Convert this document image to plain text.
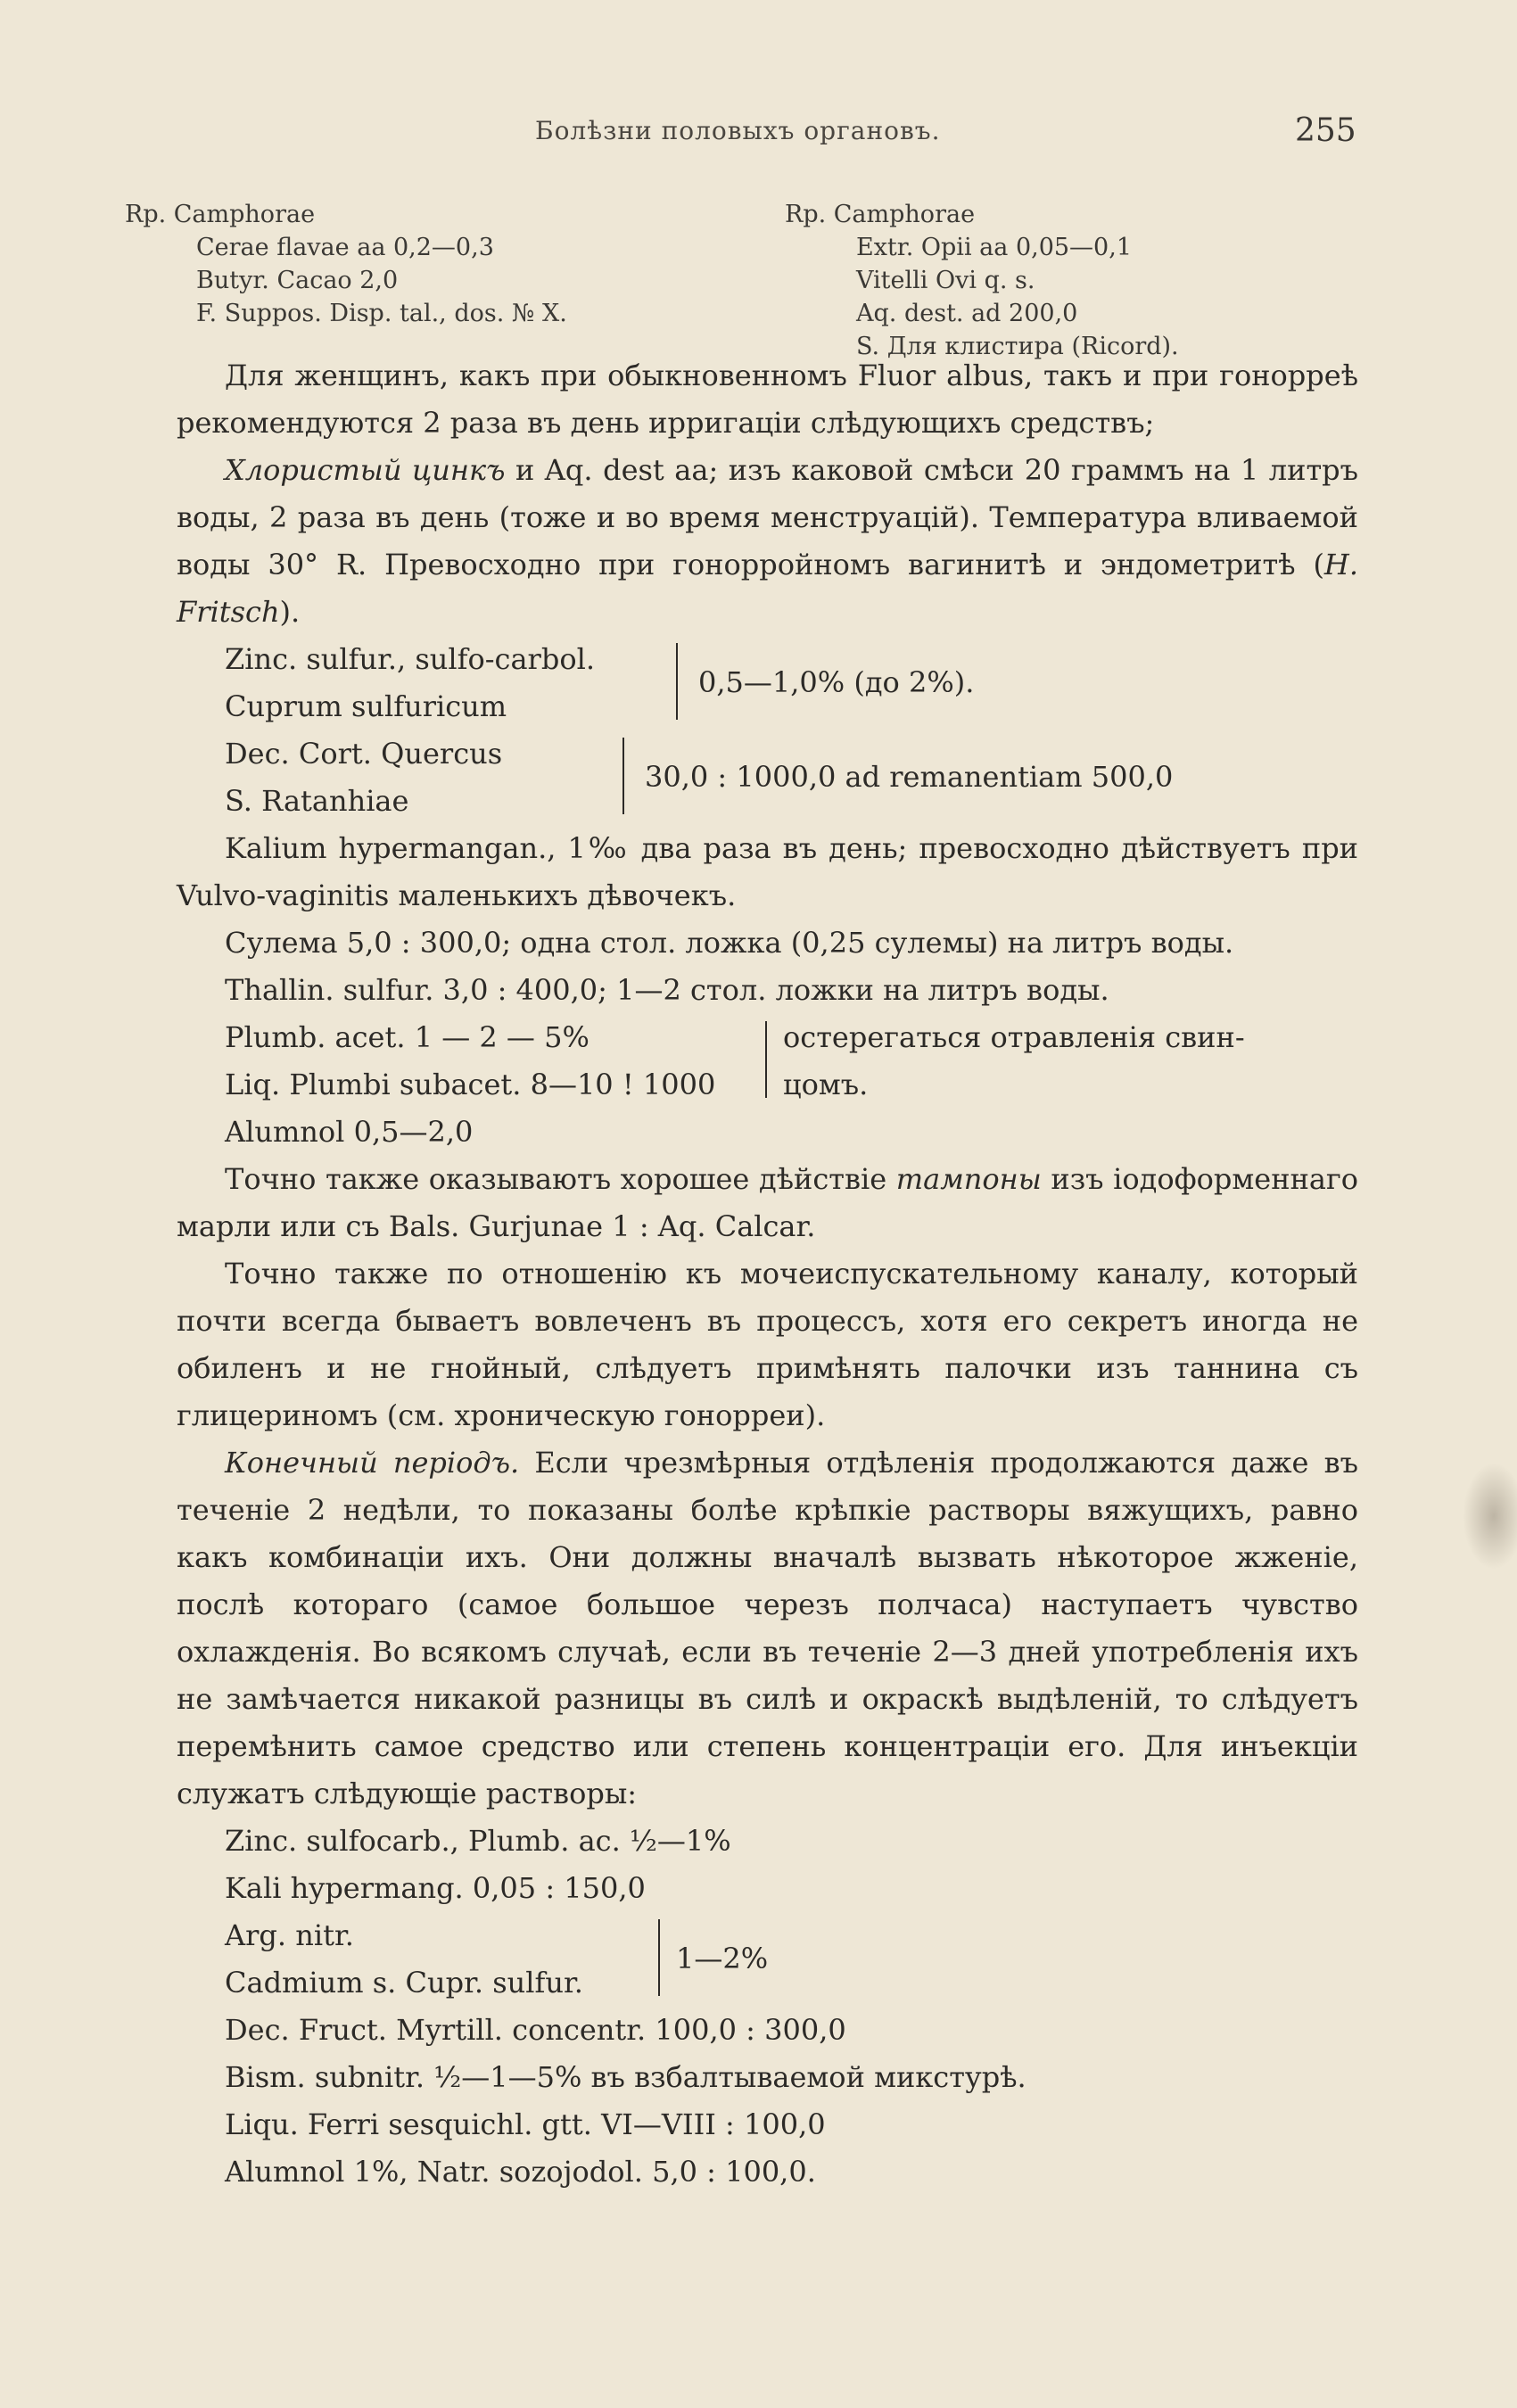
Болѣзни половыхъ органовъ.	255
Rp. Camphorae
Cerae flavae aa 0,2—0,3
Butyr. Cacao 2,0
F. Suppos. Disp. tal., dos. № X.
Rp. Camphorae
Extr. Opii aa 0,05—0,1
Vitelli Ovi q. s.
Aq. dest. ad 200,0
S. Для клистира (Ricord).

Для женщинъ, какъ при обыкновенномъ Fluor albus, такъ и при гонорреѣ рекомендуются 2 раза въ день ирригаціи слѣдующихъ средствъ;

Хлористый цинкъ и Aq. dest aa; изъ каковой смѣси 20 граммъ на 1 литръ воды, 2 раза въ день (тоже и во время менструацій). Температура вливаемой воды 30° R. Превосходно при гонорройномъ вагинитѣ и эндометритѣ (H. Fritsch).

Zinc. sulfur., sulfo-carbol.
Cuprum sulfuricum
0,5—1,0% (до 2%).
Dec. Cort. Quercus
S. Ratanhiae
30,0 : 1000,0 ad remanentiam 500,0

Kalium hypermangan., 1‰ два раза въ день; превосходно дѣйствуетъ при Vulvo-vaginitis маленькихъ дѣвочекъ.

Сулема 5,0 : 300,0; одна стол. ложка (0,25 сулемы) на литръ воды.

Thallin. sulfur. 3,0 : 400,0; 1—2 стол. ложки на литръ воды.
Plumb. acet. 1 — 2 — 5%
Liq. Plumbi subacet. 8—10 ! 1000
остерегаться отравленія свин-
цомъ.
Alumnol 0,5—2,0

Точно также оказываютъ хорошее дѣйствіе тампоны изъ іодоформеннаго марли или съ Bals. Gurjunae 1 : Aq. Calcar.

Точно также по отношенію къ мочеиспускательному каналу, который почти всегда бываетъ вовлеченъ въ процессъ, хотя его секретъ иногда не обиленъ и не гнойный, слѣдуетъ примѣнять палочки изъ таннина съ глицериномъ (см. хроническую гонорреи).

Конечный періодъ. Если чрезмѣрныя отдѣленія продолжаются даже въ теченіе 2 недѣли, то показаны болѣе крѣпкіе растворы вяжущихъ, равно какъ комбинаціи ихъ. Они должны вначалѣ вызвать нѣкоторое жженіе, послѣ котораго (самое большое черезъ полчаса) наступаетъ чувство охлажденія. Во всякомъ случаѣ, если въ теченіе 2—3 дней употребленія ихъ не замѣчается никакой разницы въ силѣ и окраскѣ выдѣленій, то слѣдуетъ перемѣнить самое средство или степень концентраціи его. Для инъекціи служатъ слѣдующіе растворы:

Zinc. sulfocarb., Plumb. ac. ½—1%
Kali hypermang. 0,05 : 150,0
Arg. nitr.
Cadmium s. Cupr. sulfur.
1—2%
Dec. Fruct. Myrtill. concentr. 100,0 : 300,0
Bism. subnitr. ½—1—5% въ взбалтываемой микстурѣ.
Liqu. Ferri sesquichl. gtt. VI—VIII : 100,0
Alumnol 1%, Natr. sozojodol. 5,0 : 100,0.
